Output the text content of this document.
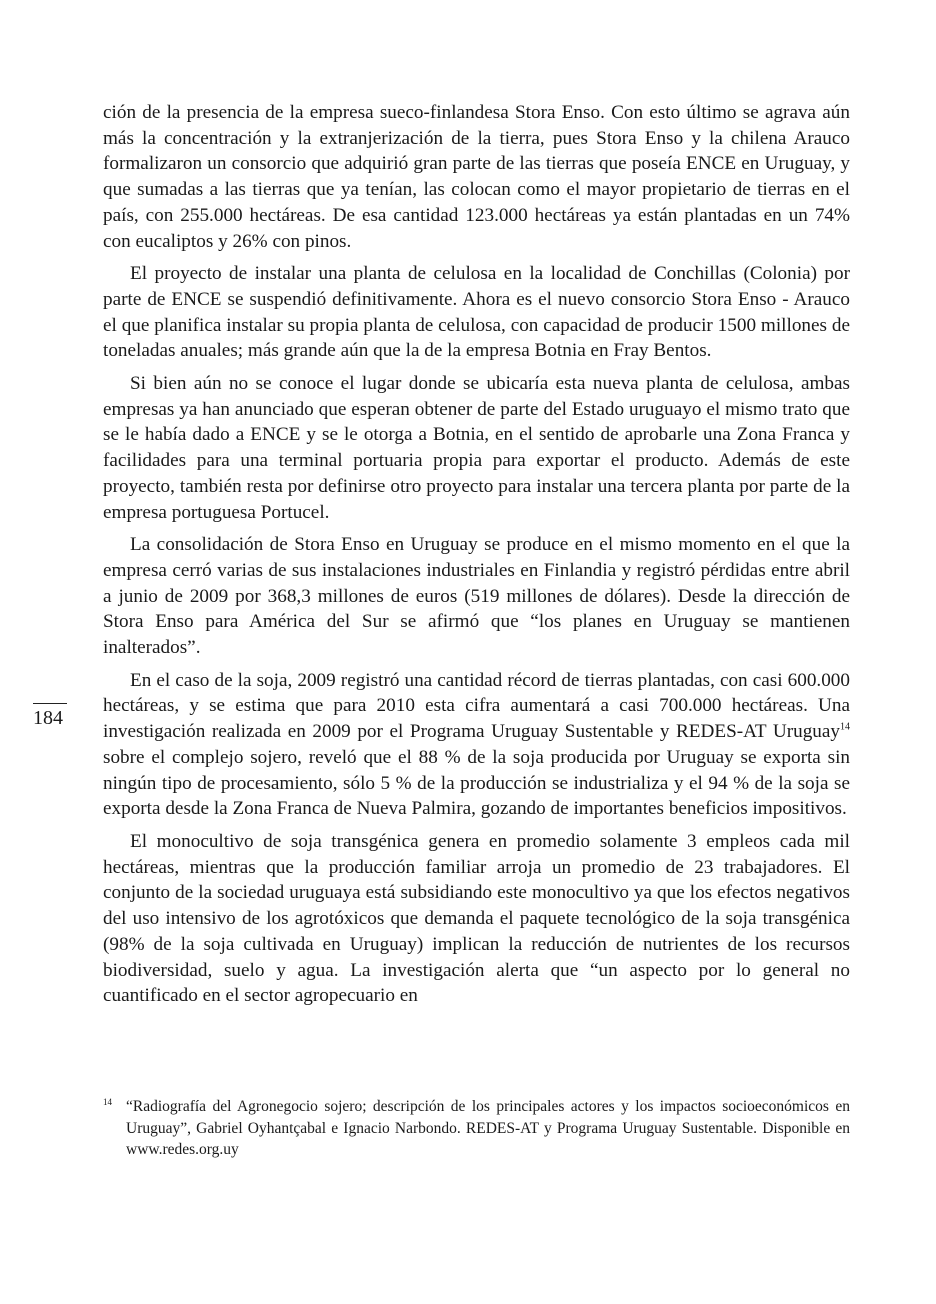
184

ción de la presencia de la empresa sueco-finlandesa Stora Enso. Con esto último se agrava aún más la concentración y la extranjerización de la tierra, pues Stora Enso y la chilena Arauco formalizaron un consorcio que adquirió gran parte de las tierras que poseía ENCE en Uruguay, y que sumadas a las tierras que ya tenían, las colocan como el mayor propietario de tierras en el país, con 255.000 hectáreas. De esa cantidad 123.000 hectáreas ya están plantadas en un 74% con eucaliptos y 26% con pinos.

El proyecto de instalar una planta de celulosa en la localidad de Conchillas (Colonia) por parte de ENCE se suspendió definitivamente. Ahora es el nuevo consorcio Stora Enso - Arauco el que planifica instalar su propia planta de celulosa, con capacidad de producir 1500 millones de toneladas anuales; más grande aún que la de la empresa Botnia en Fray Bentos.

Si bien aún no se conoce el lugar donde se ubicaría esta nueva planta de celulosa, ambas empresas ya han anunciado que esperan obtener de parte del Estado uruguayo el mismo trato que se le había dado a ENCE y se le otorga a Botnia, en el sentido de aprobarle una Zona Franca y facilidades para una terminal portuaria propia para exportar el producto. Además de este proyecto, también resta por definirse otro proyecto para instalar una tercera planta por parte de la empresa portuguesa Portucel.

La consolidación de Stora Enso en Uruguay se produce en el mismo momento en el que la empresa cerró varias de sus instalaciones industriales en Finlandia y registró pérdidas entre abril a junio de 2009 por 368,3 millones de euros (519 millones de dólares). Desde la dirección de Stora Enso para América del Sur se afirmó que “los planes en Uruguay se mantienen inalterados”.

En el caso de la soja, 2009 registró una cantidad récord de tierras plantadas, con casi 600.000 hectáreas, y se estima que para 2010 esta cifra aumentará a casi 700.000 hectáreas. Una investigación realizada en 2009 por el Programa Uruguay Sustentable y REDES-AT Uruguay$^{14}$ sobre el complejo sojero, reveló que el 88 % de la soja producida por Uruguay se exporta sin ningún tipo de procesamiento, sólo 5 % de la producción se industrializa y el 94 % de la soja se exporta desde la Zona Franca de Nueva Palmira, gozando de importantes beneficios impositivos.

El monocultivo de soja transgénica genera en promedio solamente 3 empleos cada mil hectáreas, mientras que la producción familiar arroja un promedio de 23 trabajadores. El conjunto de la sociedad uruguaya está subsidiando este monocultivo ya que los efectos negativos del uso intensivo de los agrotóxicos que demanda el paquete tecnológico de la soja transgénica (98% de la soja cultivada en Uruguay) implican la reducción de nutrientes de los recursos biodiversidad, suelo y agua. La investigación alerta que “un aspecto por lo general no cuantificado en el sector agropecuario en

14 “Radiografía del Agronegocio sojero; descripción de los principales actores y los impactos socioeconómicos en Uruguay”, Gabriel Oyhantçabal e Ignacio Narbondo. REDES-AT y Programa Uruguay Sustentable. Disponible en www.redes.org.uy
